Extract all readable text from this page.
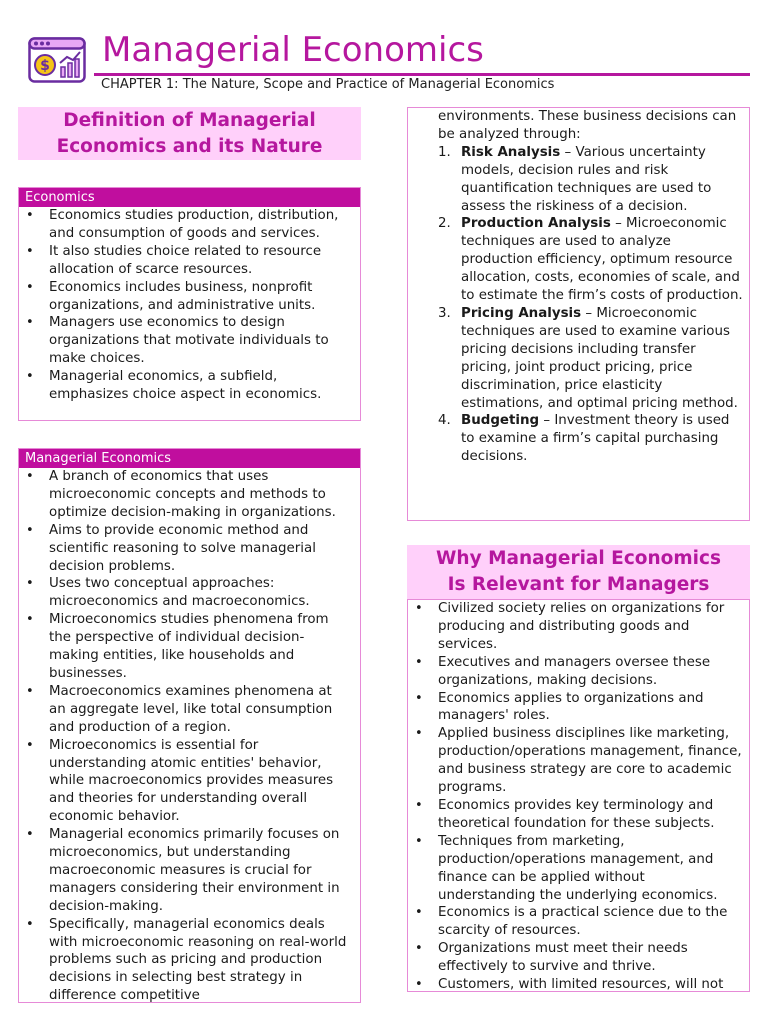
$ Managerial Economics
CHAPTER 1: The Nature, Scope and Practice of Managerial Economics
Definition of Managerial
Economics and its Nature
Economics
• Economics studies production, distribution, and consumption of goods and services.
• It also studies choice related to resource allocation of scarce resources.
• Economics includes business, nonprofit organizations, and administrative units.
• Managers use economics to design organizations that motivate individuals to make choices.
• Managerial economics, a subfield, emphasizes choice aspect in economics.
Managerial Economics
• A branch of economics that uses microeconomic concepts and methods to optimize decision-making in organizations.
• Aims to provide economic method and scientific reasoning to solve managerial decision problems.
• Uses two conceptual approaches: microeconomics and macroeconomics.
• Microeconomics studies phenomena from the perspective of individual decision-making entities, like households and businesses.
• Macroeconomics examines phenomena at an aggregate level, like total consumption and production of a region.
• Microeconomics is essential for understanding atomic entities' behavior, while macroeconomics provides measures and theories for understanding overall economic behavior.
• Managerial economics primarily focuses on microeconomics, but understanding macroeconomic measures is crucial for managers considering their environment in decision-making.
• Specifically, managerial economics deals with microeconomic reasoning on real-world problems such as pricing and production decisions in selecting best strategy in difference competitive
environments. These business decisions can be analyzed through:
1. Risk Analysis – Various uncertainty models, decision rules and risk quantification techniques are used to assess the riskiness of a decision.
2. Production Analysis – Microeconomic techniques are used to analyze production efficiency, optimum resource allocation, costs, economies of scale, and to estimate the firm’s costs of production.
3. Pricing Analysis – Microeconomic techniques are used to examine various pricing decisions including transfer pricing, joint product pricing, price discrimination, price elasticity estimations, and optimal pricing method.
4. Budgeting – Investment theory is used to examine a firm’s capital purchasing decisions.
Why Managerial Economics
Is Relevant for Managers
• Civilized society relies on organizations for producing and distributing goods and services.
• Executives and managers oversee these organizations, making decisions.
• Economics applies to organizations and managers' roles.
• Applied business disciplines like marketing, production/operations management, finance, and business strategy are core to academic programs.
• Economics provides key terminology and theoretical foundation for these subjects.
• Techniques from marketing, production/operations management, and finance can be applied without understanding the underlying economics.
• Economics is a practical science due to the scarcity of resources.
• Organizations must meet their needs effectively to survive and thrive.
• Customers, with limited resources, will not
